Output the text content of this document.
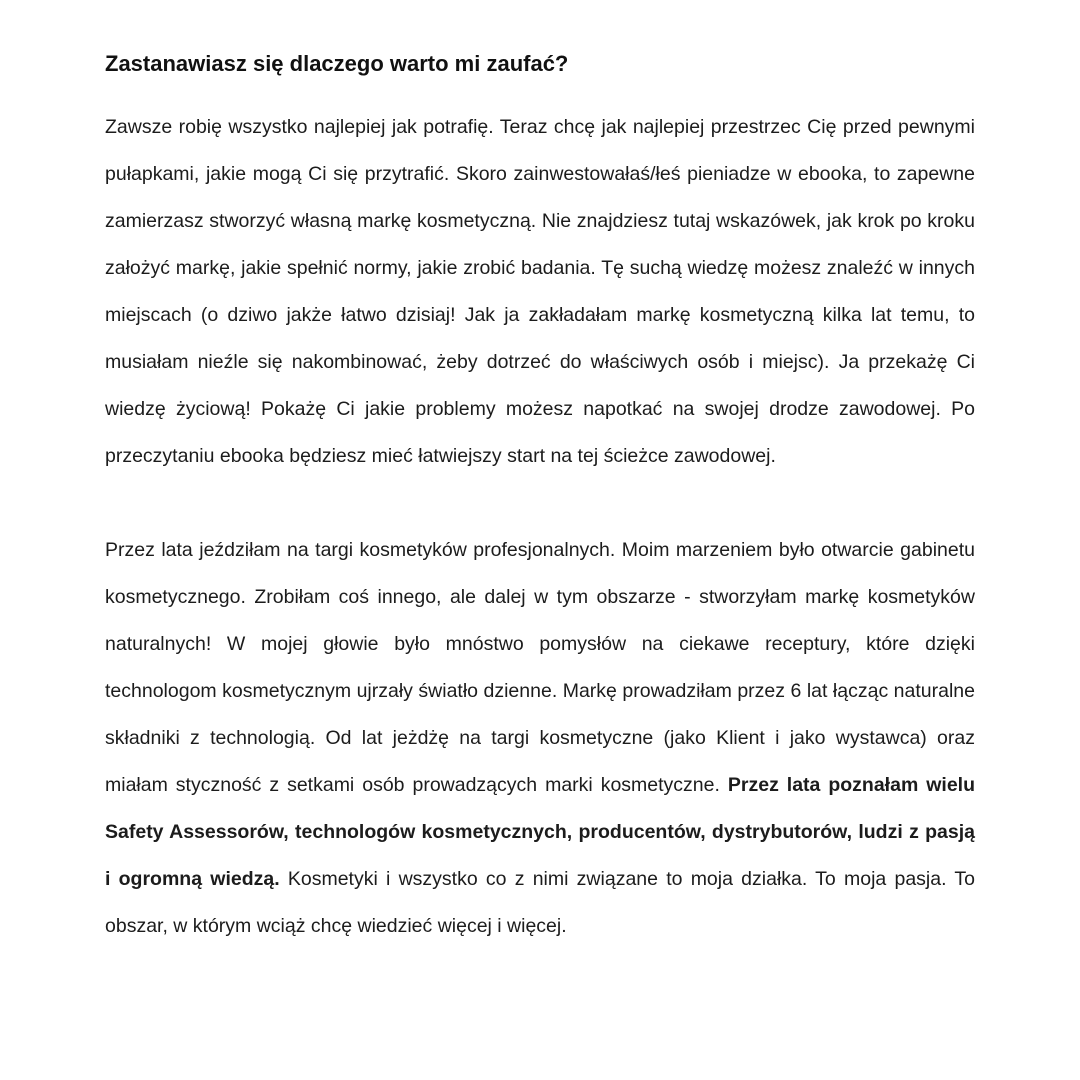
Zastanawiasz się dlaczego warto mi zaufać?

Zawsze robię wszystko najlepiej jak potrafię. Teraz chcę jak najlepiej przestrzec Cię przed pewnymi pułapkami, jakie mogą Ci się przytrafić. Skoro zainwestowałaś/łeś pieniadze w ebooka, to zapewne zamierzasz stworzyć własną markę kosmetyczną. Nie znajdziesz tutaj wskazówek, jak krok po kroku założyć markę, jakie spełnić normy, jakie zrobić badania. Tę suchą wiedzę możesz znaleźć w innych miejscach (o dziwo jakże łatwo dzisiaj! Jak ja zakładałam markę kosmetyczną kilka lat temu, to musiałam nieźle się nakombinować, żeby dotrzeć do właściwych osób i miejsc). Ja przekażę Ci wiedzę życiową! Pokażę Ci jakie problemy możesz napotkać na swojej drodze zawodowej. Po przeczytaniu ebooka będziesz mieć łatwiejszy start na tej ścieżce zawodowej.

Przez lata jeździłam na targi kosmetyków profesjonalnych. Moim marzeniem było otwarcie gabinetu kosmetycznego. Zrobiłam coś innego, ale dalej w tym obszarze - stworzyłam markę kosmetyków naturalnych! W mojej głowie było mnóstwo pomysłów na ciekawe receptury, które dzięki technologom kosmetycznym ujrzały światło dzienne. Markę prowadziłam przez 6 lat łącząc naturalne składniki z technologią. Od lat jeżdżę na targi kosmetyczne (jako Klient i jako wystawca) oraz miałam styczność z setkami osób prowadzących marki kosmetyczne. Przez lata poznałam wielu Safety Assessorów, technologów kosmetycznych, producentów, dystrybutorów, ludzi z pasją i ogromną wiedzą. Kosmetyki i wszystko co z nimi związane to moja działka. To moja pasja. To obszar, w którym wciąż chcę wiedzieć więcej i więcej.
